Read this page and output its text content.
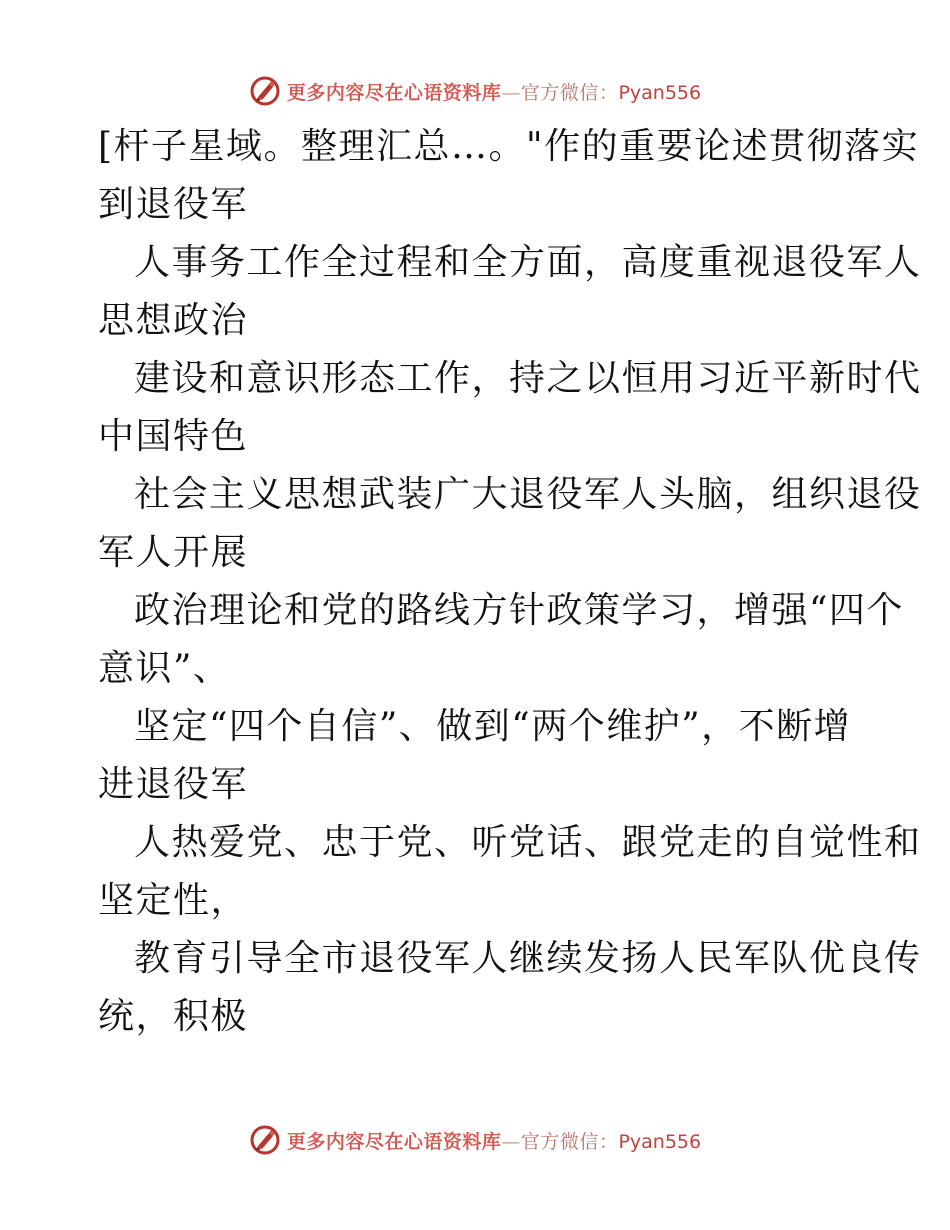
更多内容尽在心语资料库—官方微信：Pyan556
[杆子星域。整理汇总…。"作的重要论述贯彻落实
到退役军
人事务工作全过程和全方面，高度重视退役军人
思想政治
建设和意识形态工作，持之以恒用习近平新时代
中国特色
社会主义思想武装广大退役军人头脑，组织退役
军人开展
政治理论和党的路线方针政策学习，增强“四个
意识”、
坚定“四个自信”、做到“两个维护”，不断增
进退役军
人热爱党、忠于党、听党话、跟党走的自觉性和
坚定性，
教育引导全市退役军人继续发扬人民军队优良传
统，积极
更多内容尽在心语资料库—官方微信：Pyan556
